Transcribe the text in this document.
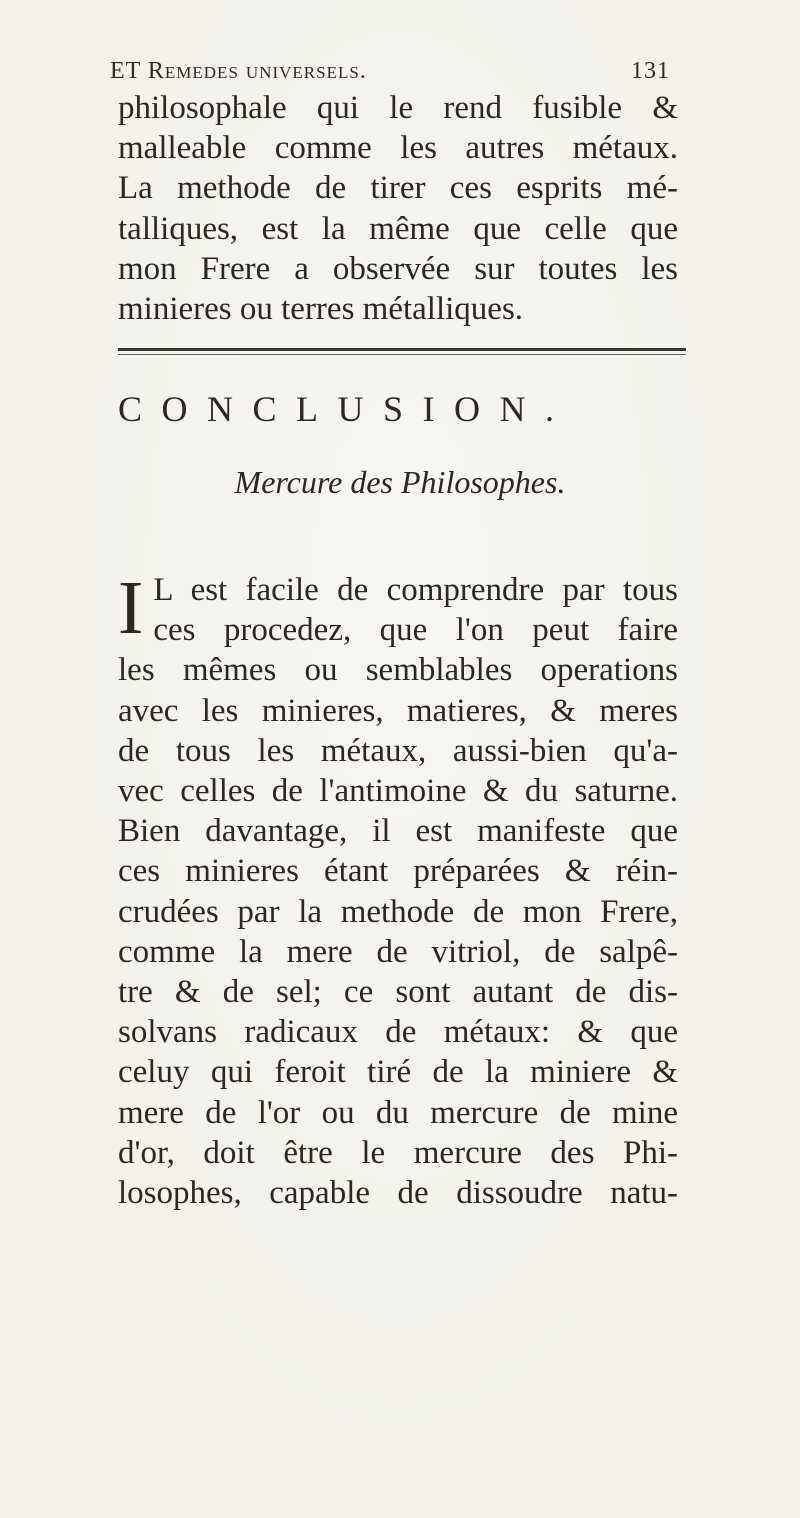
ET Remedes universels.	131
philosophale qui le rend fusible &
malleable comme les autres métaux.
La methode de tirer ces esprits mé-
talliques, est la même que celle que
mon Frere a observée sur toutes les
minieres ou terres métalliques.
CONCLUSION.
Mercure des Philosophes.
I L est facile de comprendre par tous
ces procedez, que l'on peut faire
les mêmes ou semblables operations
avec les minieres, matieres, & meres
de tous les métaux, aussi-bien qu'a-
vec celles de l'antimoine & du saturne.
Bien davantage, il est manifeste que
ces minieres étant préparées & réin-
crudées par la methode de mon Frere,
comme la mere de vitriol, de salpê-
tre & de sel; ce sont autant de dis-
solvans radicaux de métaux: & que
celuy qui feroit tiré de la miniere &
mere de l'or ou du mercure de mine
d'or, doit être le mercure des Phi-
losophes, capable de dissoudre natu-
